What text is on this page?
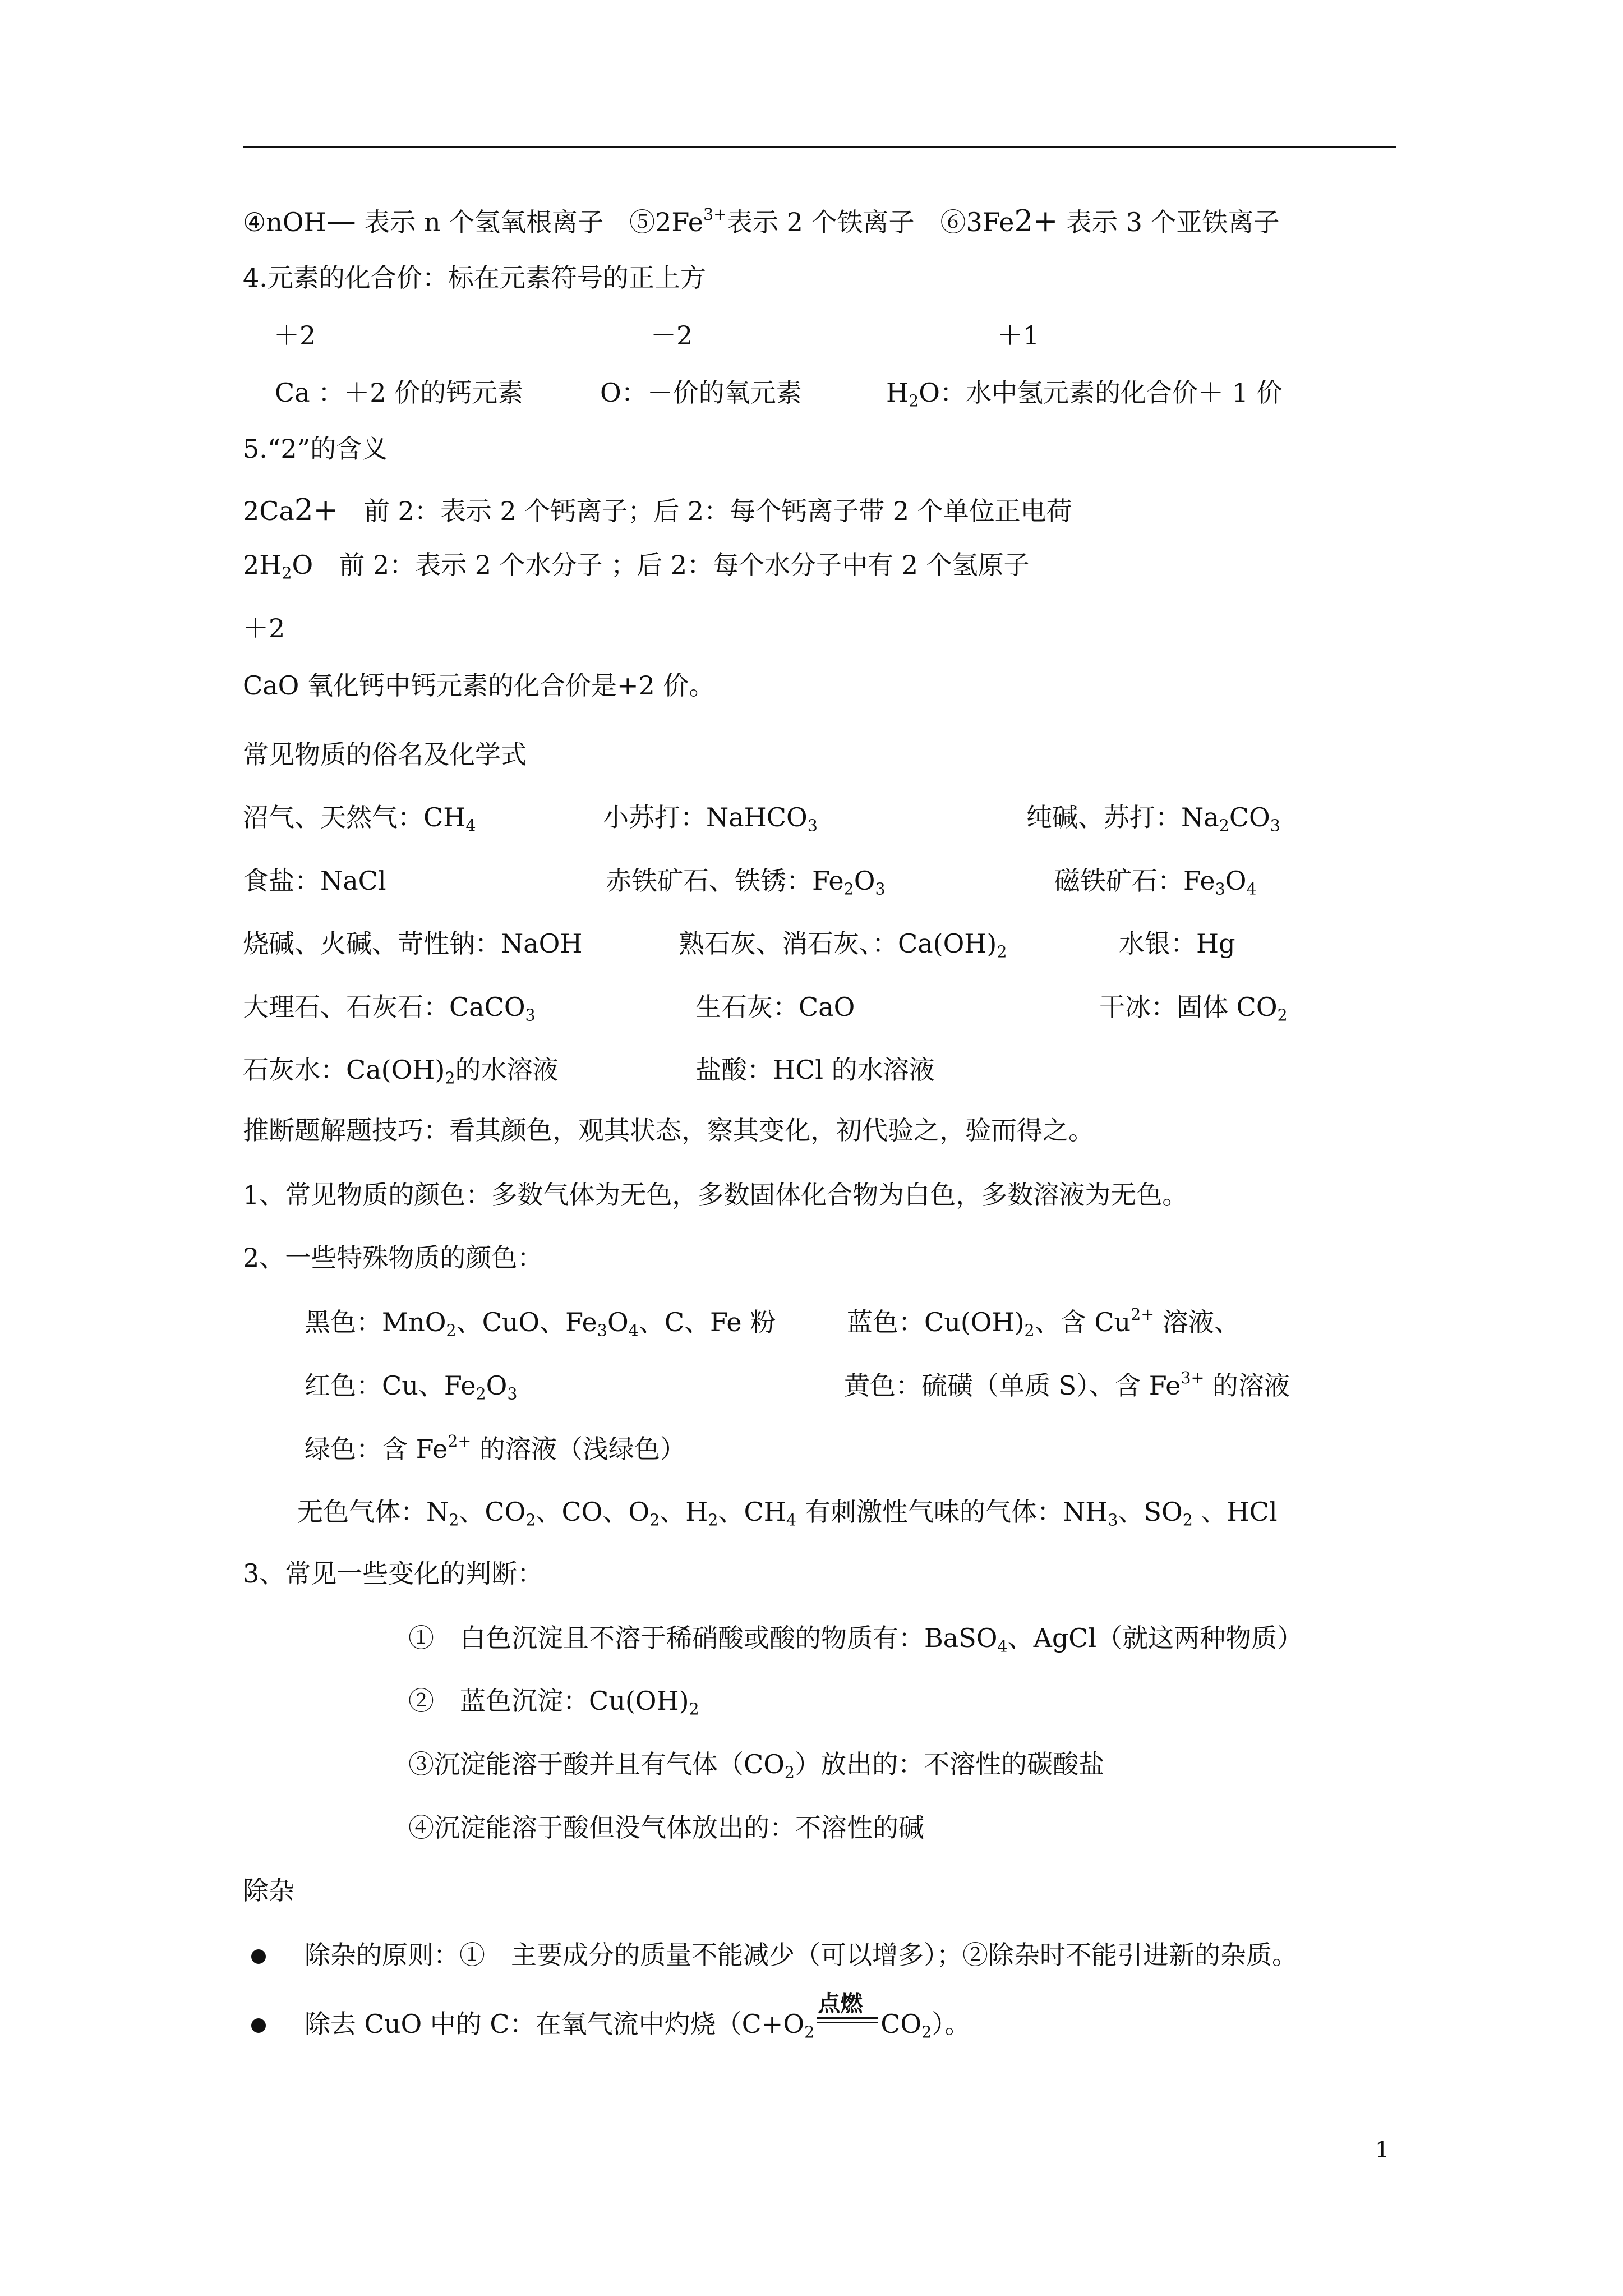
④nOH— 表示 n 个氢氧根离子　$⑤2Fe^{3+}$表示 2 个铁离子　⑥3Fe2+ 表示 3 个亚铁离子
4.元素的化合价：标在元素符号的正上方
＋2	－2	＋1
Ca ：＋2 价的钙元素	O：－价的氧元素	$H_2O$：水中氢元素的化合价＋ 1 价
5.“2”的含义
2Ca2+　前 2：表示 2 个钙离子；后 2：每个钙离子带 2 个单位正电荷
$2H_2O$　前 2：表示 2 个水分子 ；后 2：每个水分子中有 2 个氢原子
＋2
CaO 氧化钙中钙元素的化合价是+2 价。
常见物质的俗名及化学式
沼气、天然气：$CH_4$	小苏打：NaHCO$_3$	纯碱、苏打：$Na_2CO_3$
食盐：NaCl	赤铁矿石、铁锈：$Fe_2O_3$	磁铁矿石：$Fe_3O_4$
烧碱、火碱、苛性钠：NaOH	熟石灰、消石灰、：$Ca(OH)_2$	水银：Hg
大理石、石灰石：CaCO$_3$	生石灰：CaO	干冰：固体 $CO_2$
石灰水：$Ca(OH)_2$的水溶液	盐酸：HCl 的水溶液
推断题解题技巧：看其颜色，观其状态，察其变化，初代验之，验而得之。
1、常见物质的颜色：多数气体为无色，多数固体化合物为白色，多数溶液为无色。
2、一些特殊物质的颜色：
黑色：MnO$_2$、CuO、$Fe_3O_4$、C、Fe 粉	蓝色：$Cu(OH)_2$、含 $Cu^{2+}$ 溶液、
红色：Cu、$Fe_2O_3$	黄色：硫磺（单质 S）、含 $Fe^{3+}$ 的溶液
绿色：含 $Fe^{2+}$ 的溶液（浅绿色）
无色气体：$N_2$、$CO_2$、CO、$O_2$、$H_2$、$CH_4$ 有刺激性气味的气体：$NH_3$、$SO_2$ 、HCl
3、常见一些变化的判断：
①　白色沉淀且不溶于稀硝酸或酸的物质有：BaSO$_4$、AgCl（就这两种物质）
②　蓝色沉淀：$Cu(OH)_2$
③沉淀能溶于酸并且有气体$(CO_2)$放出的：不溶性的碳酸盐
④沉淀能溶于酸但没气体放出的：不溶性的碱
除杂
除杂的原则：①　主要成分的质量不能减少（可以增多）；②除杂时不能引进新的杂质。
除去 CuO 中的 C：在氧气流中灼烧（$C+O_2$
点燃
$CO_2$）。
1
